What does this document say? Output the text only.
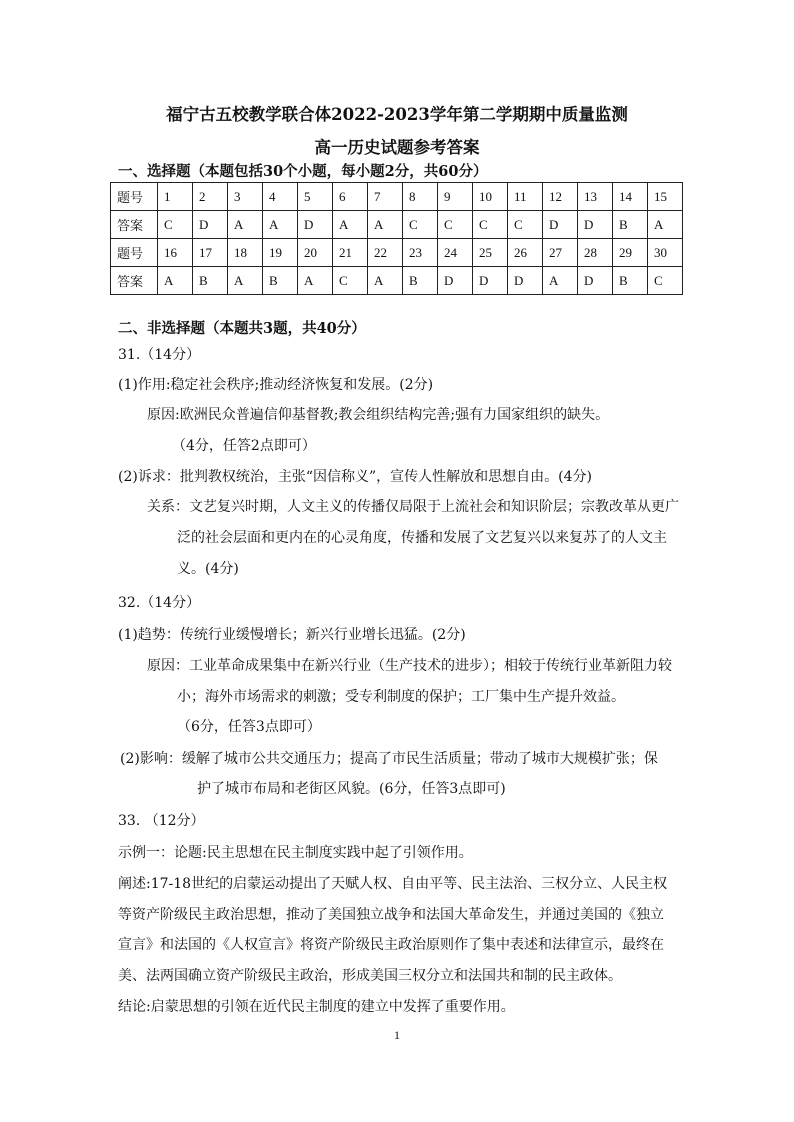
福宁古五校教学联合体2022-2023学年第二学期期中质量监测
高一历史试题参考答案
一、选择题（本题包括30个小题，每小题2分，共60分）
题号	1	2	3	4	5	6	7	8	9	10	11	12	13	14	15
答案	C	D	A	A	D	A	A	C	C	C	C	D	D	B	A
题号	16	17	18	19	20	21	22	23	24	25	26	27	28	29	30
答案	A	B	A	B	A	C	A	B	D	D	D	A	D	B	C
二、非选择题（本题共3题，共40分）
31.（14分）
(1)作用:稳定社会秩序;推动经济恢复和发展。(2分)
原因:欧洲民众普遍信仰基督教;教会组织结构完善;强有力国家组织的缺失。
（4分，任答2点即可）
(2)诉求：批判教权统治，主张“因信称义”，宣传人性解放和思想自由。(4分)
关系：文艺复兴时期，人文主义的传播仅局限于上流社会和知识阶层；宗教改革从更广
泛的社会层面和更内在的心灵角度，传播和发展了文艺复兴以来复苏了的人文主
义。(4分)
32.（14分）
(1)趋势：传统行业缓慢增长；新兴行业增长迅猛。(2分)
原因：工业革命成果集中在新兴行业（生产技术的进步）；相较于传统行业革新阻力较
小；海外市场需求的刺激；受专利制度的保护；工厂集中生产提升效益。
（6分，任答3点即可）
(2)影响：缓解了城市公共交通压力；提高了市民生活质量；带动了城市大规模扩张；保
护了城市布局和老街区风貌。(6分，任答3点即可)
33. （12分）
示例一：论题:民主思想在民主制度实践中起了引领作用。
阐述:17-18世纪的启蒙运动提出了天赋人权、自由平等、民主法治、三权分立、人民主权
等资产阶级民主政治思想，推动了美国独立战争和法国大革命发生，并通过美国的《独立
宣言》和法国的《人权宣言》将资产阶级民主政治原则作了集中表述和法律宣示，最终在
美、法两国确立资产阶级民主政治，形成美国三权分立和法国共和制的民主政体。
结论:启蒙思想的引领在近代民主制度的建立中发挥了重要作用。
1
